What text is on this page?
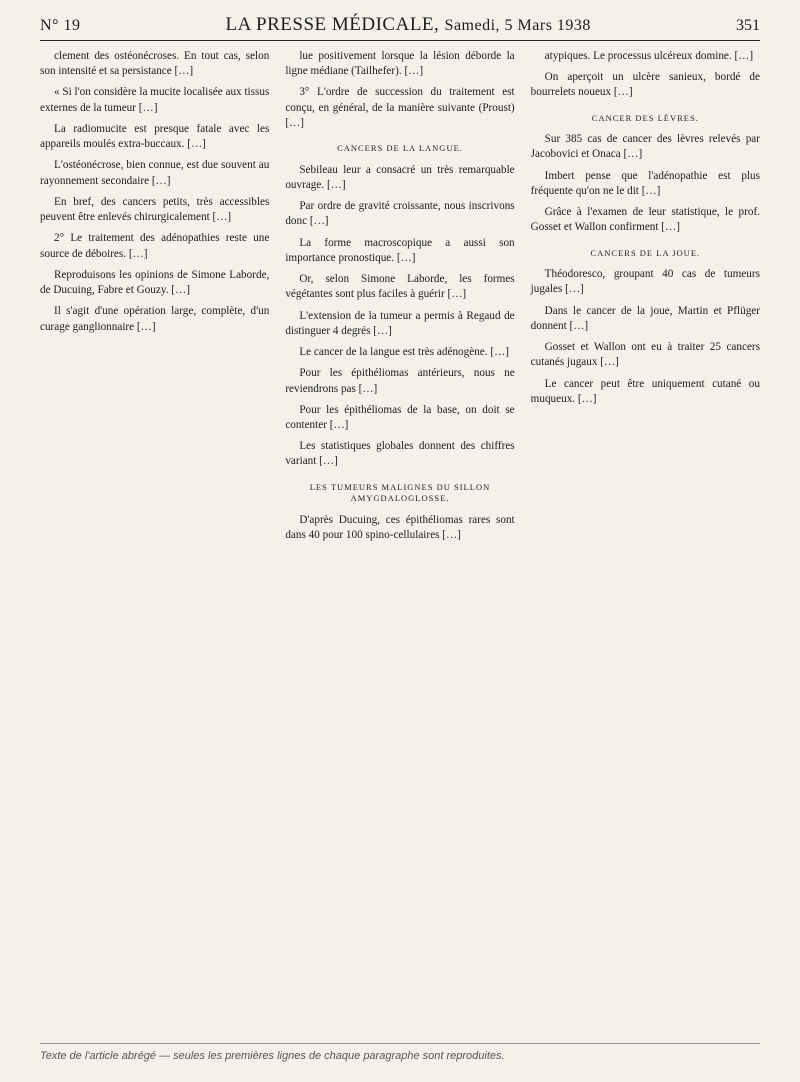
N° 19	LA PRESSE MÉDICALE, Samedi, 5 Mars 1938	351

clement des ostéonécroses. En tout cas, selon son intensité et sa persistance […]

« Si l'on considère la mucite localisée aux tissus externes de la tumeur […]

La radiomucite est presque fatale avec les appareils moulés extra-buccaux. […]

L'ostéonécrose, bien connue, est due souvent au rayonnement secondaire […]

En bref, des cancers petits, très accessibles peuvent être enlevés chirurgicalement […]

2° Le traitement des adénopathies reste une source de déboires. […]

Reproduisons les opinions de Simone Laborde, de Ducuing, Fabre et Gouzy. […]

Il s'agit d'une opération large, complète, d'un curage ganglionnaire […]

lue positivement lorsque la lésion déborde la ligne médiane (Tailhefer). […]

3° L'ordre de succession du traitement est conçu, en général, de la manière suivante (Proust) […]

CANCERS DE LA LANGUE.

Sebileau leur a consacré un très remarquable ouvrage. […]

Par ordre de gravité croissante, nous inscrivons donc […]

La forme macroscopique a aussi son importance pronostique. […]

Or, selon Simone Laborde, les formes végétantes sont plus faciles à guérir […]

L'extension de la tumeur a permis à Regaud de distinguer 4 degrés […]

Le cancer de la langue est très adénogène. […]

Pour les épithéliomas antérieurs, nous ne reviendrons pas […]

Pour les épithéliomas de la base, on doit se contenter […]

Les statistiques globales donnent des chiffres variant […]

LES TUMEURS MALIGNES DU SILLON AMYGDALOGLOSSE.

D'après Ducuing, ces épithéliomas rares sont dans 40 pour 100 spino-cellulaires […]

atypiques. Le processus ulcéreux domine. […]

On aperçoit un ulcère sanieux, bordé de bourrelets noueux […]

CANCER DES LÈVRES.

Sur 385 cas de cancer des lèvres relevés par Jacobovici et Onaca […]

Imbert pense que l'adénopathie est plus fréquente qu'on ne le dit […]

Grâce à l'examen de leur statistique, le prof. Gosset et Wallon confirment […]

CANCERS DE LA JOUE.

Théodoresco, groupant 40 cas de tumeurs jugales […]

Dans le cancer de la joue, Martin et Pflüger donnent […]

Gosset et Wallon ont eu à traiter 25 cancers cutanés jugaux […]

Le cancer peut être uniquement cutané ou muqueux. […]

Texte de l'article abrégé — seules les premières lignes de chaque paragraphe sont reproduites.
